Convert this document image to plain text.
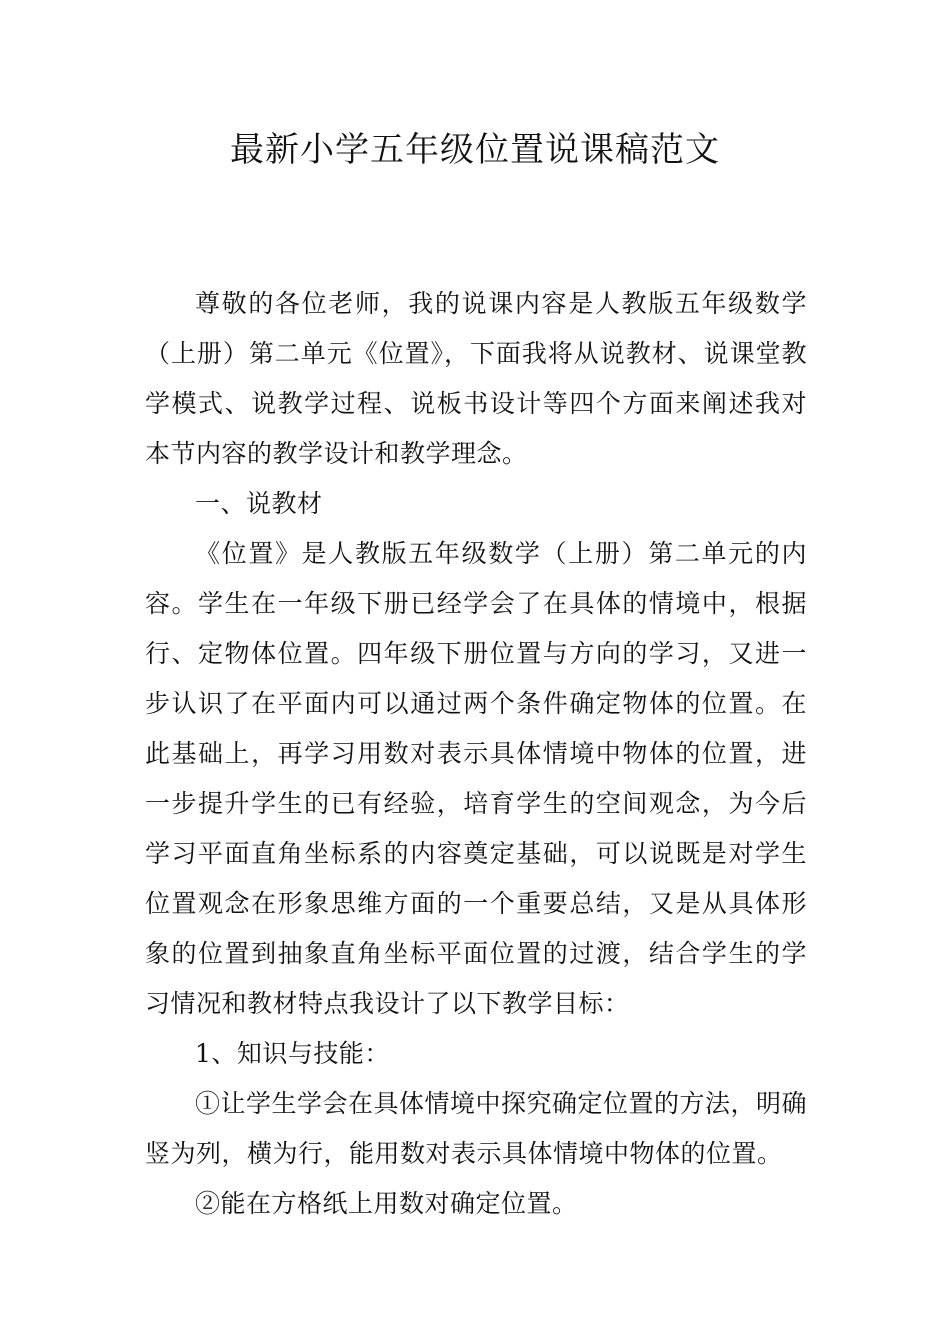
最新小学五年级位置说课稿范文

尊敬的各位老师，我的说课内容是人教版五年级数学（上册）第二单元《位置》，下面我将从说教材、说课堂教学模式、说教学过程、说板书设计等四个方面来阐述我对本节内容的教学设计和教学理念。

一、说教材

《位置》是人教版五年级数学（上册）第二单元的内容。学生在一年级下册已经学会了在具体的情境中，根据行、定物体位置。四年级下册位置与方向的学习，又进一步认识了在平面内可以通过两个条件确定物体的位置。在此基础上，再学习用数对表示具体情境中物体的位置，进一步提升学生的已有经验，培育学生的空间观念，为今后学习平面直角坐标系的内容奠定基础，可以说既是对学生位置观念在形象思维方面的一个重要总结，又是从具体形象的位置到抽象直角坐标平面位置的过渡，结合学生的学习情况和教材特点我设计了以下教学目标：

1、知识与技能：

①让学生学会在具体情境中探究确定位置的方法，明确竖为列，横为行，能用数对表示具体情境中物体的位置。

②能在方格纸上用数对确定位置。
